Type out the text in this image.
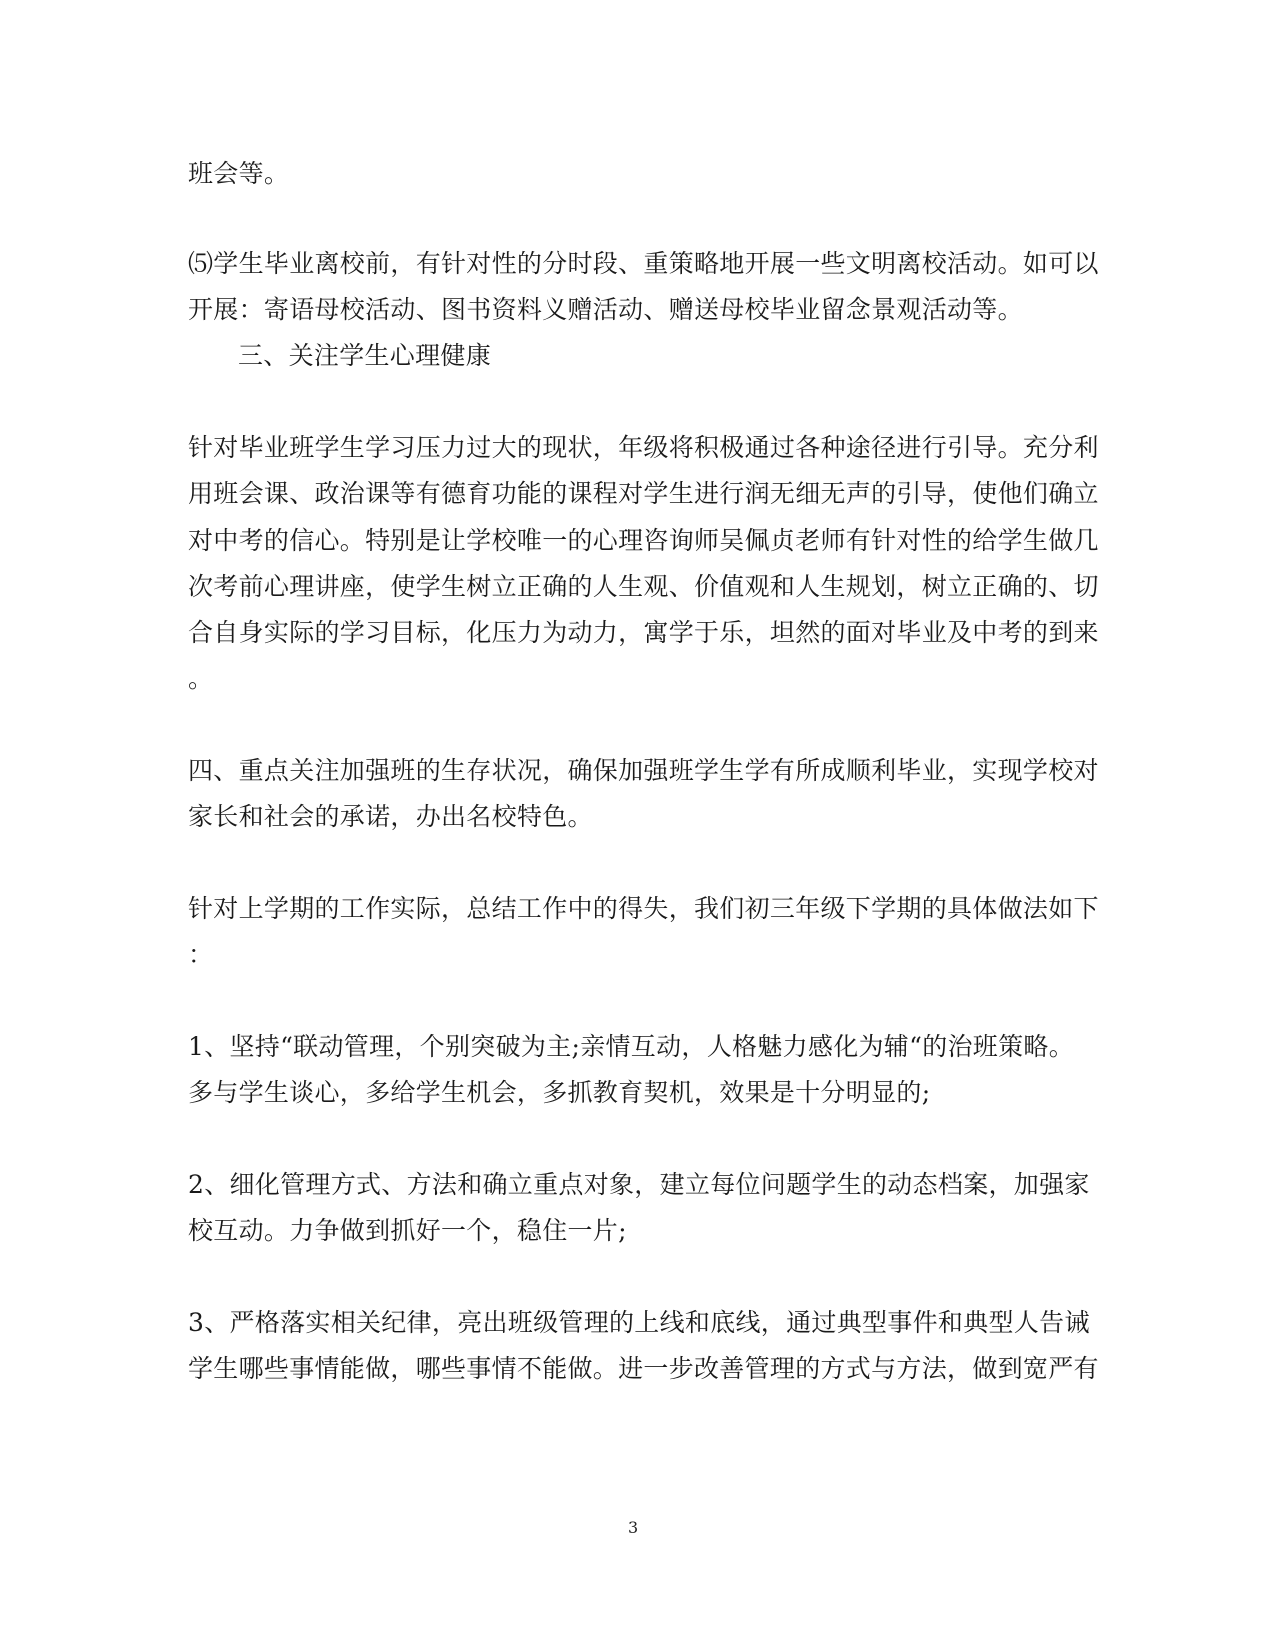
班会等。
⑸学生毕业离校前，有针对性的分时段、重策略地开展一些文明离校活动。如可以
开展：寄语母校活动、图书资料义赠活动、赠送母校毕业留念景观活动等。
三、关注学生心理健康
针对毕业班学生学习压力过大的现状，年级将积极通过各种途径进行引导。充分利
用班会课、政治课等有德育功能的课程对学生进行润无细无声的引导，使他们确立
对中考的信心。特别是让学校唯一的心理咨询师吴佩贞老师有针对性的给学生做几
次考前心理讲座，使学生树立正确的人生观、价值观和人生规划，树立正确的、切
合自身实际的学习目标，化压力为动力，寓学于乐，坦然的面对毕业及中考的到来
。
四、重点关注加强班的生存状况，确保加强班学生学有所成顺利毕业，实现学校对
家长和社会的承诺，办出名校特色。
针对上学期的工作实际，总结工作中的得失，我们初三年级下学期的具体做法如下
：
1、坚持“联动管理，个别突破为主;亲情互动，人格魅力感化为辅“的治班策略。
多与学生谈心，多给学生机会，多抓教育契机，效果是十分明显的;
2、细化管理方式、方法和确立重点对象，建立每位问题学生的动态档案，加强家
校互动。力争做到抓好一个，稳住一片;
3、严格落实相关纪律，亮出班级管理的上线和底线，通过典型事件和典型人告诫
学生哪些事情能做，哪些事情不能做。进一步改善管理的方式与方法，做到宽严有
3
